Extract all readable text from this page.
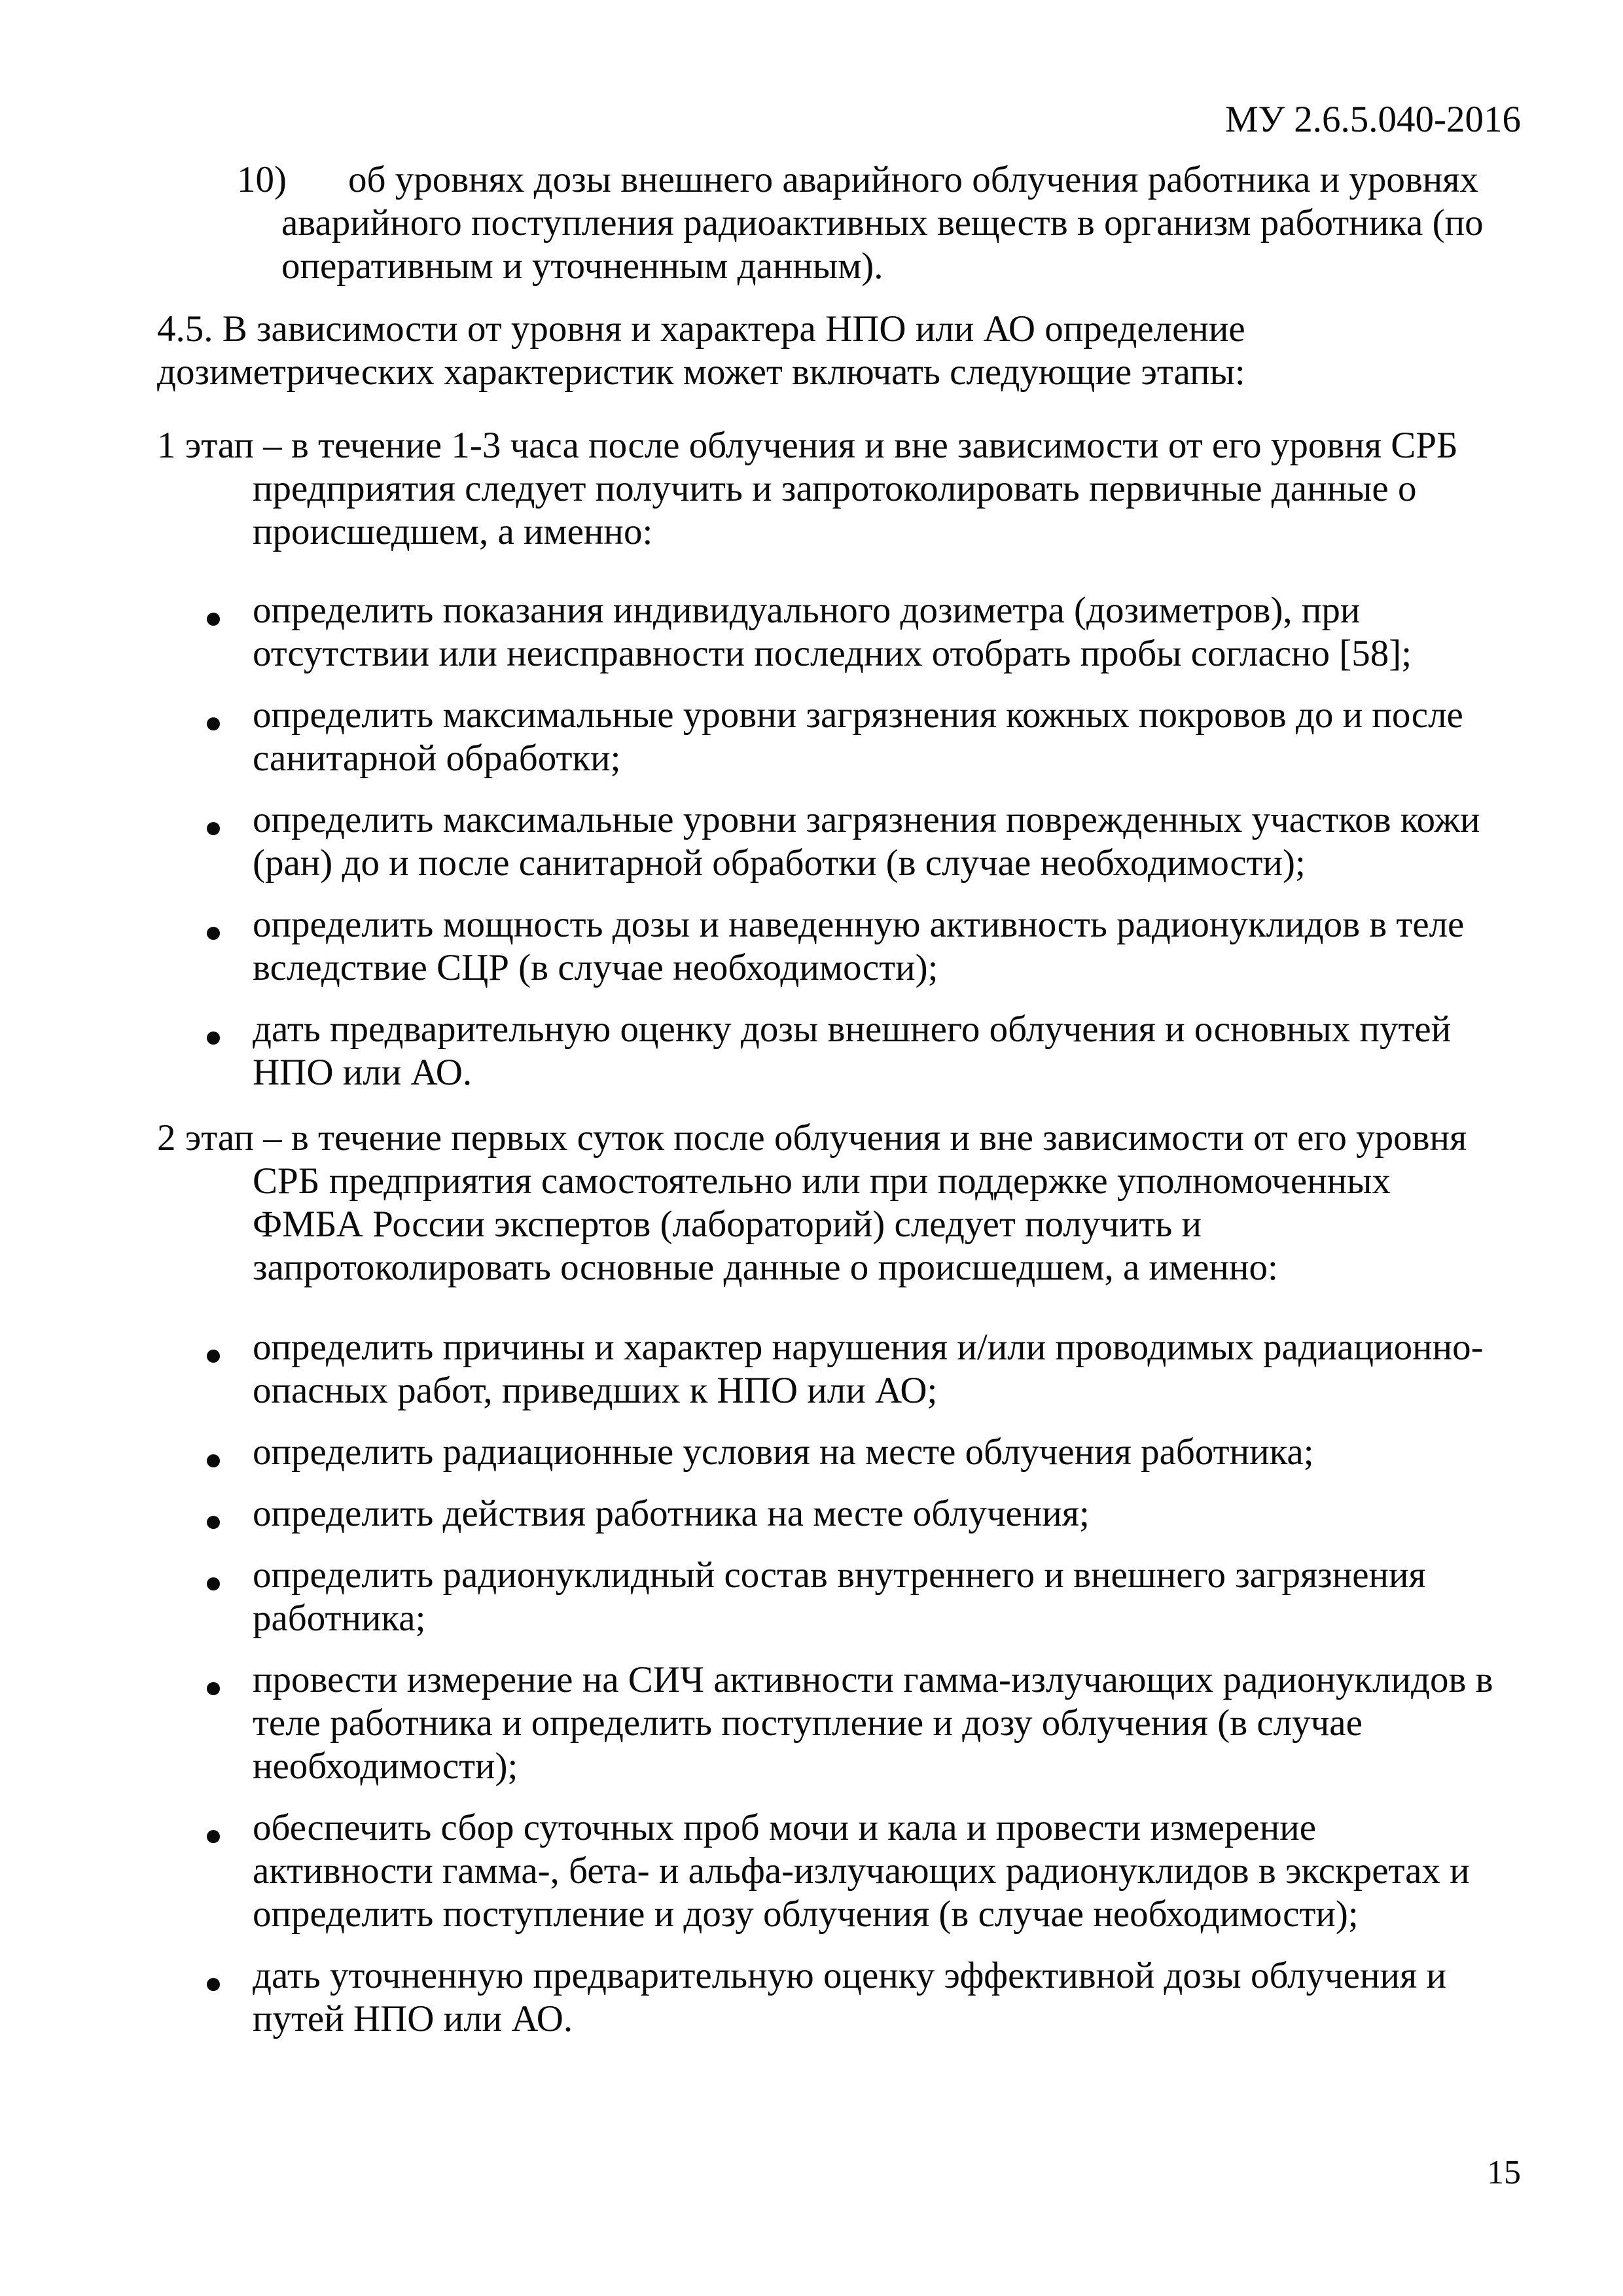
МУ 2.6.5.040-2016
10) об уровнях дозы внешнего аварийного облучения работника и уровнях
аварийного поступления радиоактивных веществ в организм работника (по
оперативным и уточненным данным).
4.5. В зависимости от уровня и характера НПО или АО определение
дозиметрических характеристик может включать следующие этапы:
1 этап – в течение 1-3 часа после облучения и вне зависимости от его уровня СРБ
предприятия следует получить и запротоколировать первичные данные о
происшедшем, а именно:
определить показания индивидуального дозиметра (дозиметров), при
отсутствии или неисправности последних отобрать пробы согласно [58];
определить максимальные уровни загрязнения кожных покровов до и после
санитарной обработки;
определить максимальные уровни загрязнения поврежденных участков кожи
(ран) до и после санитарной обработки (в случае необходимости);
определить мощность дозы и наведенную активность радионуклидов в теле
вследствие СЦР (в случае необходимости);
дать предварительную оценку дозы внешнего облучения и основных путей
НПО или АО.
2 этап – в течение первых суток после облучения и вне зависимости от его уровня
СРБ предприятия самостоятельно или при поддержке уполномоченных
ФМБА России экспертов (лабораторий) следует получить и
запротоколировать основные данные о происшедшем, а именно:
определить причины и характер нарушения и/или проводимых радиационно-
опасных работ, приведших к НПО или АО;
определить радиационные условия на месте облучения работника;
определить действия работника на месте облучения;
определить радионуклидный состав внутреннего и внешнего загрязнения
работника;
провести измерение на СИЧ активности гамма-излучающих радионуклидов в
теле работника и определить поступление и дозу облучения (в случае
необходимости);
обеспечить сбор суточных проб мочи и кала и провести измерение
активности гамма-, бета- и альфа-излучающих радионуклидов в экскретах и
определить поступление и дозу облучения (в случае необходимости);
дать уточненную предварительную оценку эффективной дозы облучения и
путей НПО или АО.
15
